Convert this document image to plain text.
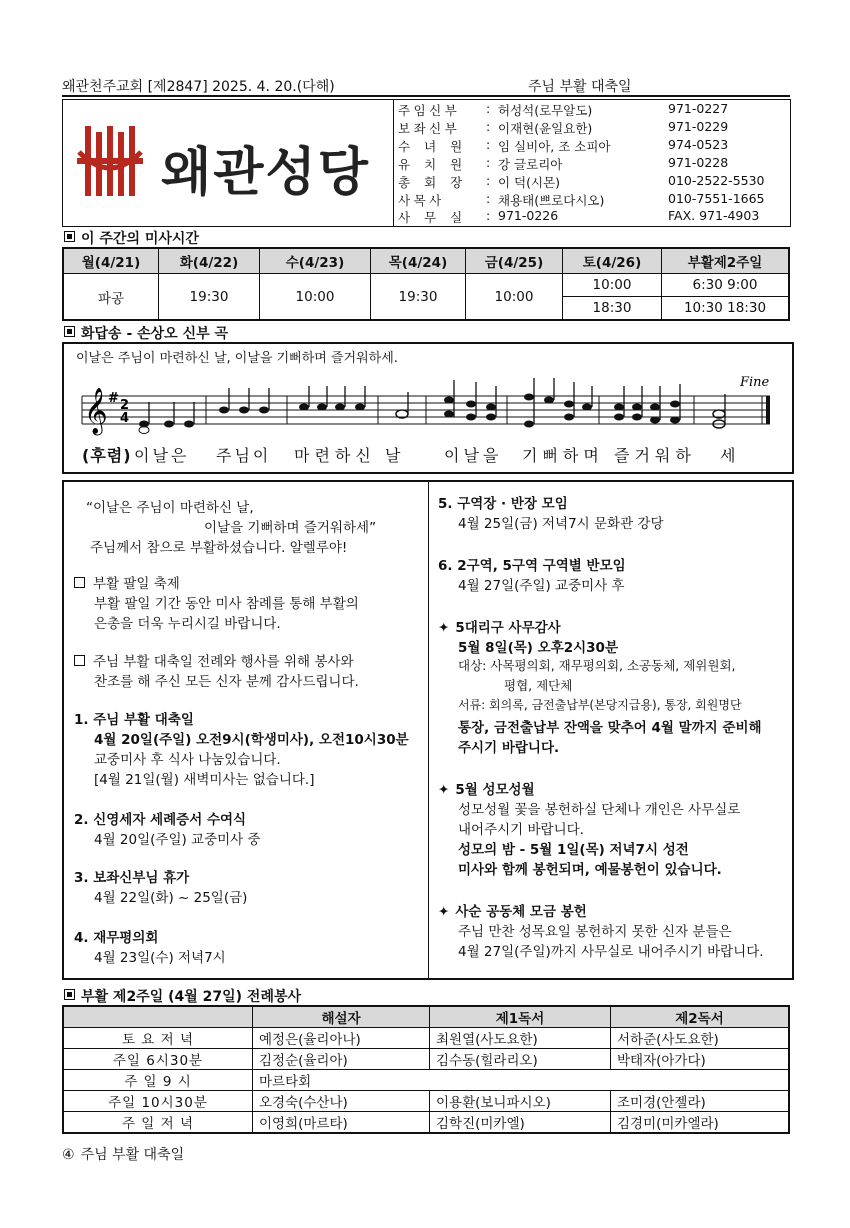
왜관천주교회 [제2847] 2025. 4. 20.(다해)	주님 부활 대축일
왜관성당
주임신부	: 허성석(로무알도)	971-0227
보좌신부	: 이재현(윤일요한)	971-0229
수녀원 : 임 실비아, 조 소피아	974-0523
유치원 : 강 글로리아	971-0228
총회장 : 이 덕(시몬)	010-2522-5530
사목사	: 채용태(쁘로다시오)	010-7551-1665
사무실 : 971-0226	FAX. 971-4903
이 주간의 미사시간
월(4/21)	화(4/22)	수(4/23)	목(4/24)	금(4/25)	토(4/26)	부활제2주일
파공	19:30	10:00	19:30	10:00	10:00	6:30 9:00
					18:30	10:30 18:30
화답송 - 손상오 신부 곡
이날은 주님이 마련하신 날, 이날을 기뻐하며 즐거워하세.
𝄞 # 2
4
Fine
(후렴) 이날은 주님이 마련하신 날	이날을 기뻐하며 즐거워하 세
“이날은 주님이 마련하신 날,
이날을 기뻐하며 즐거워하세”
주님께서 참으로 부활하셨습니다. 알렐루야!
부활 팔일 축제
부활 팔일 기간 동안 미사 참례를 통해 부활의
은총을 더욱 누리시길 바랍니다.
주님 부활 대축일 전례와 행사를 위해 봉사와
찬조를 해 주신 모든 신자 분께 감사드립니다.
1. 주님 부활 대축일
4월 20일(주일) 오전9시(학생미사), 오전10시30분
교중미사 후 식사 나눔있습니다.
[4월 21일(월) 새벽미사는 없습니다.]
2. 신영세자 세례증서 수여식
4월 20일(주일) 교중미사 중
3. 보좌신부님 휴가
4월 22일(화) ~ 25일(금)
4. 재무평의회
4월 23일(수) 저녁7시
5. 구역장 · 반장 모임
4월 25일(금) 저녁7시 문화관 강당
6. 2구역, 5구역 구역별 반모임
4월 27일(주일) 교중미사 후
✦ 5대리구 사무감사
5월 8일(목) 오후2시30분
대상: 사목평의회, 재무평의회, 소공동체, 제위원회,
평협, 제단체
서류: 회의록, 금전출납부(본당지급용), 통장, 회원명단
통장, 금전출납부 잔액을 맞추어 4월 말까지 준비해
주시기 바랍니다.
✦ 5월 성모성월
성모성월 꽃을 봉헌하실 단체나 개인은 사무실로
내어주시기 바랍니다.
성모의 밤 - 5월 1일(목) 저녁7시 성전
미사와 함께 봉헌되며, 예물봉헌이 있습니다.
✦ 사순 공동체 모금 봉헌
주님 만찬 성목요일 봉헌하지 못한 신자 분들은
4월 27일(주일)까지 사무실로 내어주시기 바랍니다.
부활 제2주일 (4월 27일) 전례봉사
	해설자	제1독서	제2독서
토 요 저 녁	예정은(율리아나)	최원열(사도요한)	서하준(사도요한)
주일 6시30분	김정순(율리아)	김수동(힐라리오)	박태자(아가다)
주 일 9 시	마르타회		
주일 10시30분	오경숙(수산나)	이용환(보니파시오)	조미경(안젤라)
주 일 저 녁	이영희(마르타)	김학진(미카엘)	김경미(미카엘라)
④ 주님 부활 대축일
